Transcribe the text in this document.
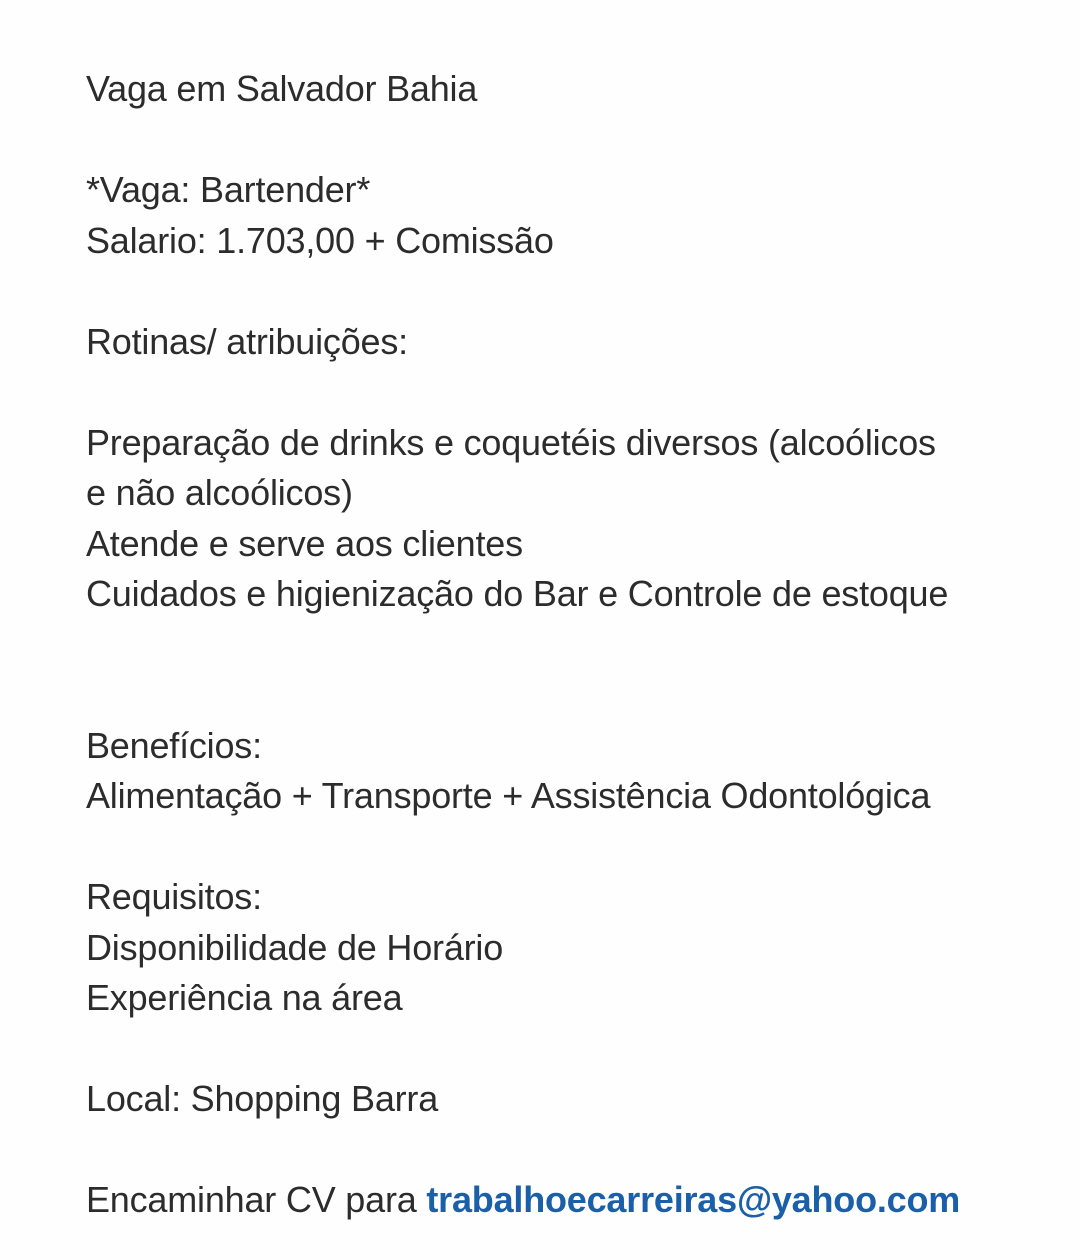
Vaga em Salvador Bahia
*Vaga: Bartender*
Salario: 1.703,00 + Comissão
Rotinas/ atribuições:
Preparação de drinks e coquetéis diversos (alcoólicos
e não alcoólicos)
Atende e serve aos clientes
Cuidados e higienização do Bar e Controle de estoque
Benefícios:
Alimentação + Transporte + Assistência Odontológica
Requisitos:
Disponibilidade de Horário
Experiência na área
Local: Shopping Barra
Encaminhar CV para trabalhoecarreiras@yahoo.com
